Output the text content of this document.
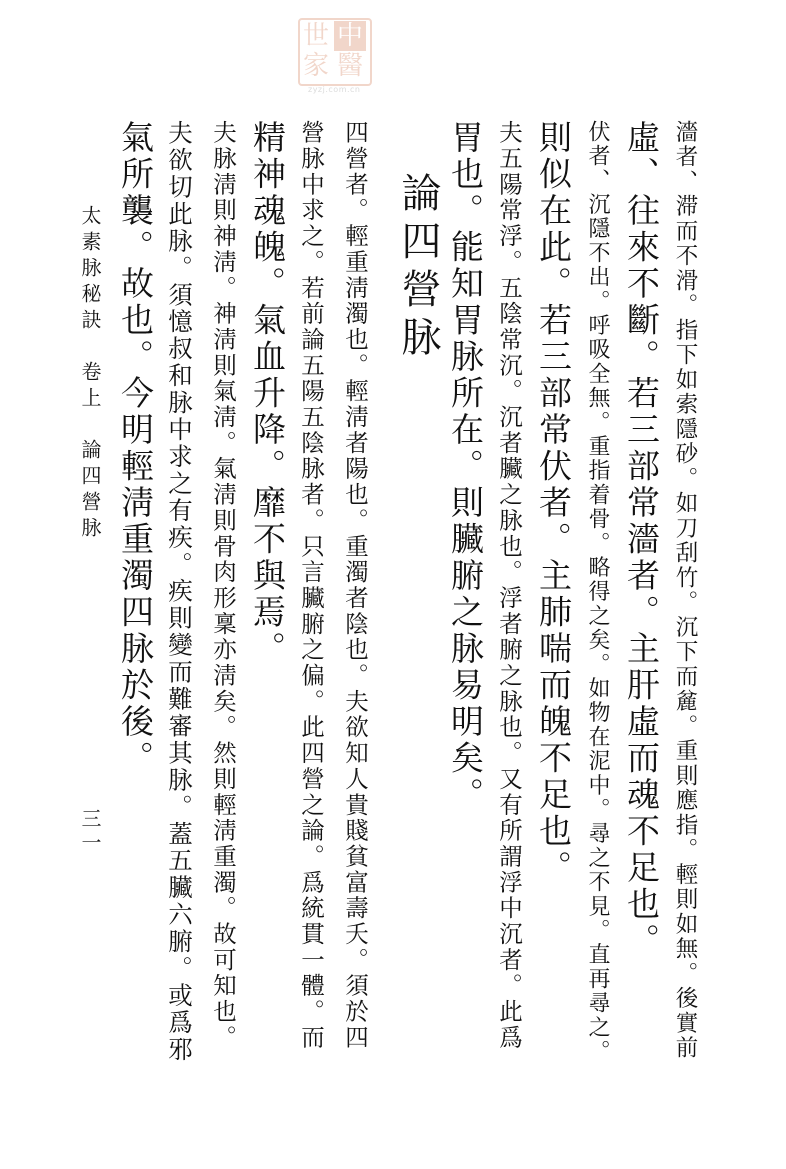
世 中
家 醫
zyzj.com.cn
濇者、滞而不滑。指下如索隱砂。如刀刮竹。沉下而麄。重則應指。輕則如無。後實前
虛、往來不斷。若三部常濇者。主肝虛而魂不足也。
伏者、沉隱不出。呼吸全無。重指着骨。略得之矣。如物在泥中。尋之不見。直再尋之。
則似在此。若三部常伏者。主肺喘而魄不足也。
夫五陽常浮。五陰常沉。沉者臟之脉也。浮者腑之脉也。又有所謂浮中沉者。此爲
胃也。能知胃脉所在。則臟腑之脉易明矣。
論四營脉
四營者。輕重淸濁也。輕淸者陽也。重濁者陰也。夫欲知人貴賤貧富壽夭。須於四
營脉中求之。若前論五陽五陰脉者。只言臟腑之偏。此四營之論。爲統貫一體。而
精神魂魄。氣血升降。靡不與焉。
夫脉淸則神淸。神淸則氣淸。氣淸則骨肉形稟亦淸矣。然則輕淸重濁。故可知也。
夫欲切此脉。須憶叔和脉中求之有疾。疾則變而難審其脉。蓋五臟六腑。或爲邪
氣所襲。故也。今明輕淸重濁四脉於後。
太素脉秘訣　卷上　論四營脉
三一
